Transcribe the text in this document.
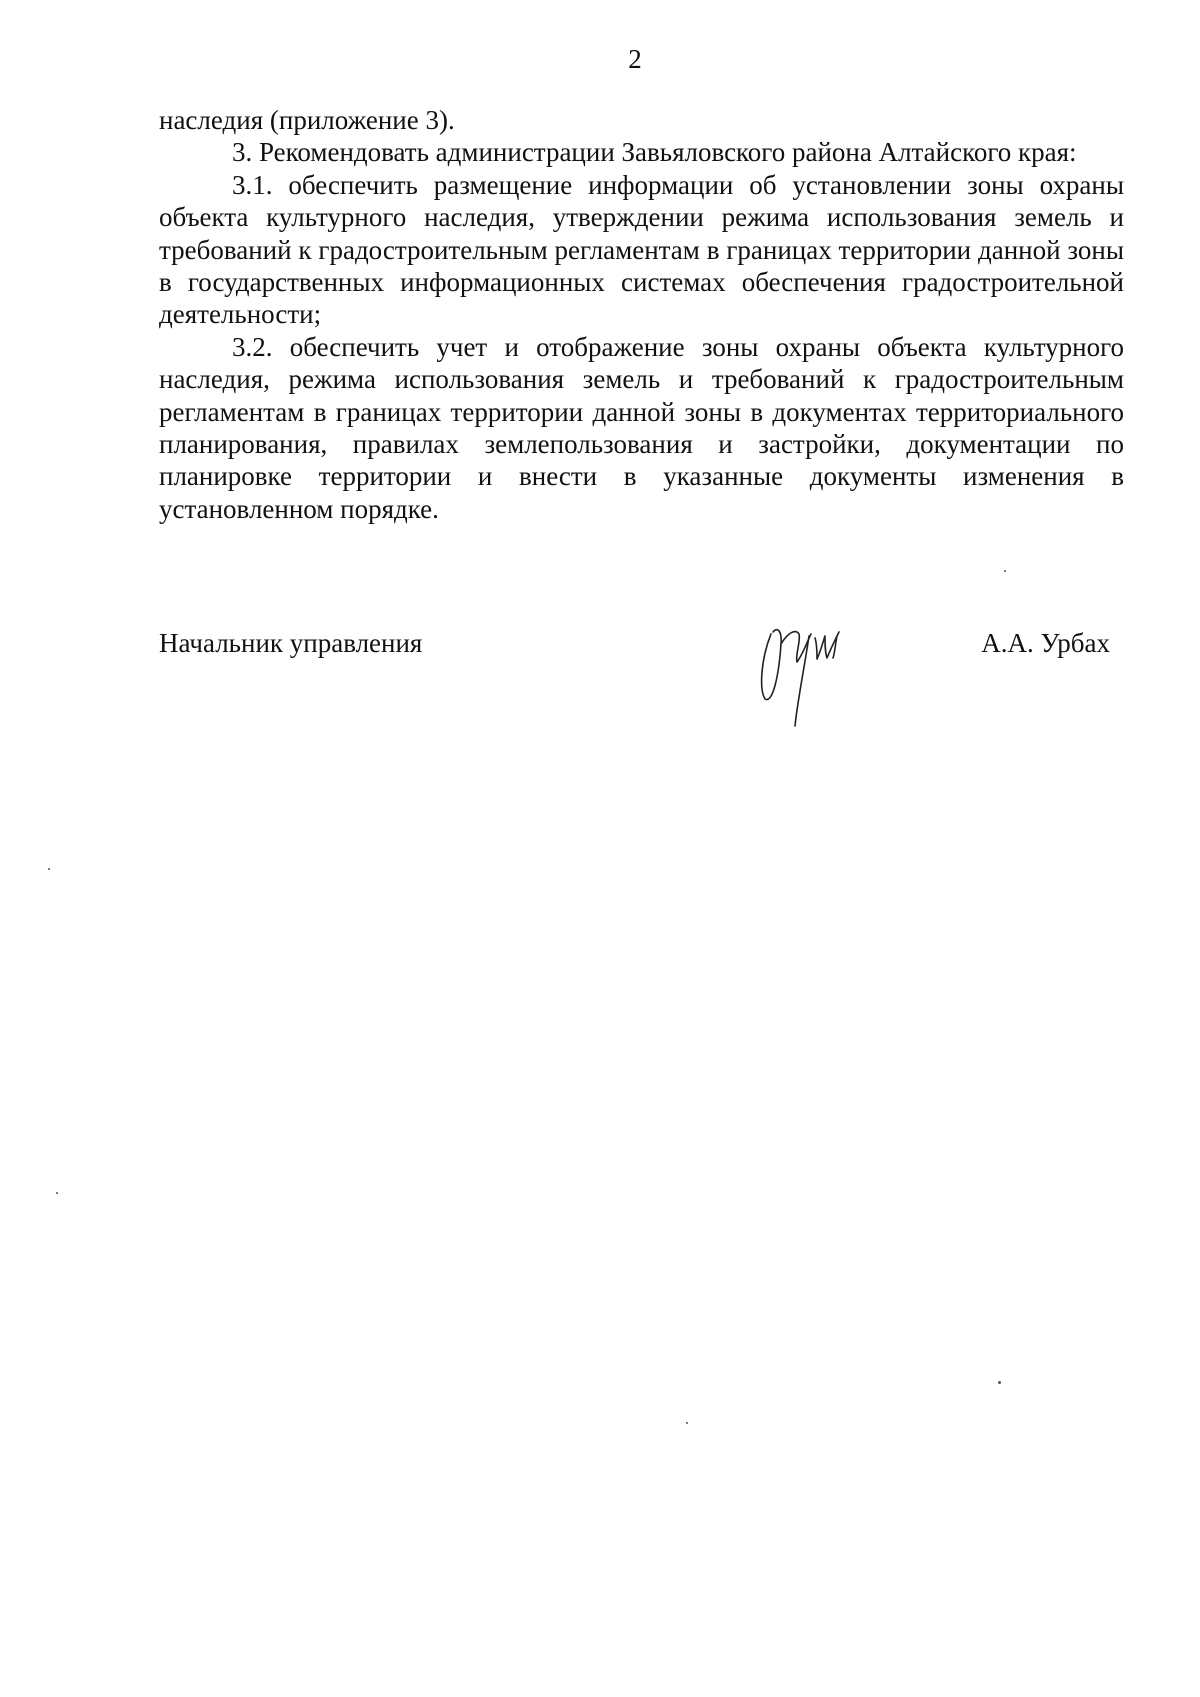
2

наследия (приложение 3).

3. Рекомендовать администрации Завьяловского района Алтайского края:

3.1. обеспечить размещение информации об установлении зоны охраны объекта культурного наследия, утверждении режима использования земель и требований к градостроительным регламентам в границах территории данной зоны в государственных информационных системах обеспечения градостроительной деятельности;

3.2. обеспечить учет и отображение зоны охраны объекта культурного наследия, режима использования земель и требований к градостроительным регламентам в границах территории данной зоны в документах территориального планирования, правилах землепользования и застройки, документации по планировке территории и внести в указанные документы изменения в установленном порядке.

Начальник управления	А.А. Урбах
